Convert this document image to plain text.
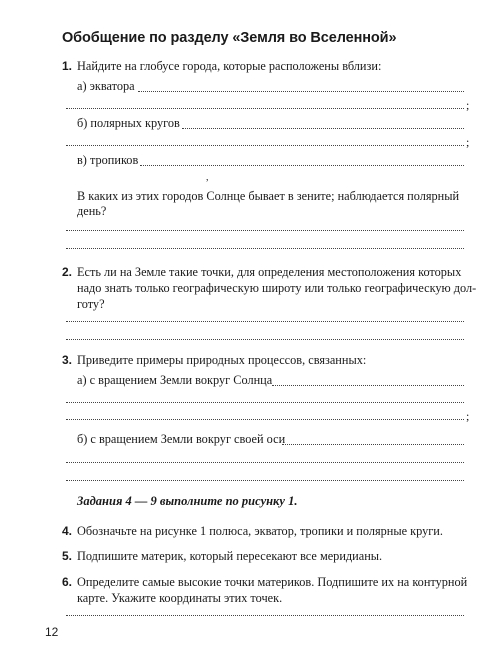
Обобщение по разделу «Земля во Вселенной»
1. Найдите на глобусе города, которые расположены вблизи:
а) экватора
;
б) полярных кругов
;
в) тропиков
,
В каких из этих городов Солнце бывает в зените; наблюдается полярный
день?
2. Есть ли на Земле такие точки, для определения местоположения которых
надо знать только географическую широту или только географическую дол-
готу?
3. Приведите примеры природных процессов, связанных:
а) с вращением Земли вокруг Солнца
;
б) с вращением Земли вокруг своей оси
Задания 4 — 9 выполните по рисунку 1.
4. Обозначьте на рисунке 1 полюса, экватор, тропики и полярные круги.
5. Подпишите материк, который пересекают все меридианы.
6. Определите самые высокие точки материков. Подпишите их на контурной
карте. Укажите координаты этих точек.
12
